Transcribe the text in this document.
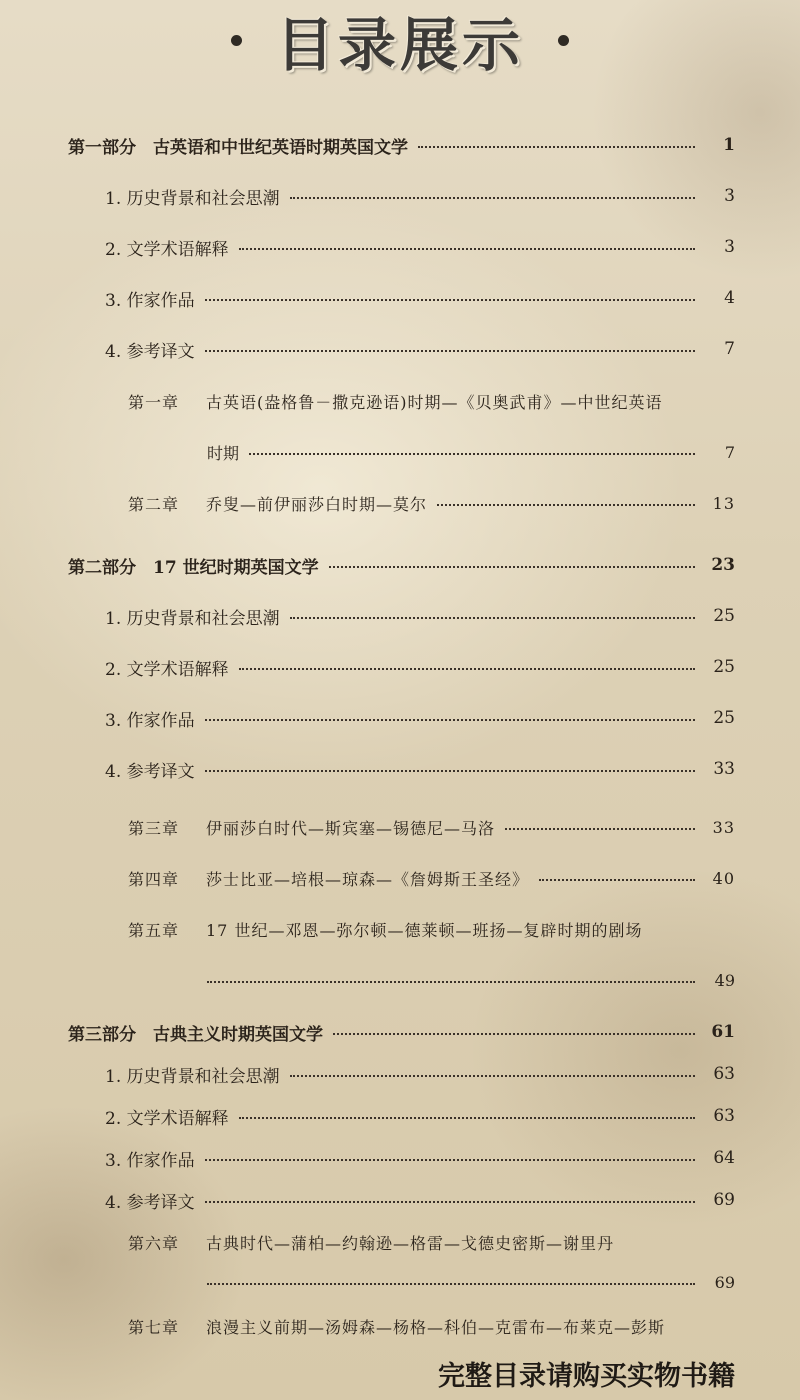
目录展示
第一部分　古英语和中世纪英语时期英国文学	1
1. 历史背景和社会思潮	3
2. 文学术语解释	3
3. 作家作品	4
4. 参考译文	7
第一章	古英语(盎格鲁－撒克逊语)时期—《贝奥武甫》—中世纪英语
时期	7
第二章	乔叟—前伊丽莎白时期—莫尔	13
第二部分　17 世纪时期英国文学	23
1. 历史背景和社会思潮	25
2. 文学术语解释	25
3. 作家作品	25
4. 参考译文	33
第三章	伊丽莎白时代—斯宾塞—锡德尼—马洛	33
第四章	莎士比亚—培根—琼森—《詹姆斯王圣经》	40
第五章	17 世纪—邓恩—弥尔顿—德莱顿—班扬—复辟时期的剧场
49
第三部分　古典主义时期英国文学	61
1. 历史背景和社会思潮	63
2. 文学术语解释	63
3. 作家作品	64
4. 参考译文	69
第六章	古典时代—蒲柏—约翰逊—格雷—戈德史密斯—谢里丹
69
第七章	浪漫主义前期—汤姆森—杨格—科伯—克雷布—布莱克—彭斯
完整目录请购买实物书籍
